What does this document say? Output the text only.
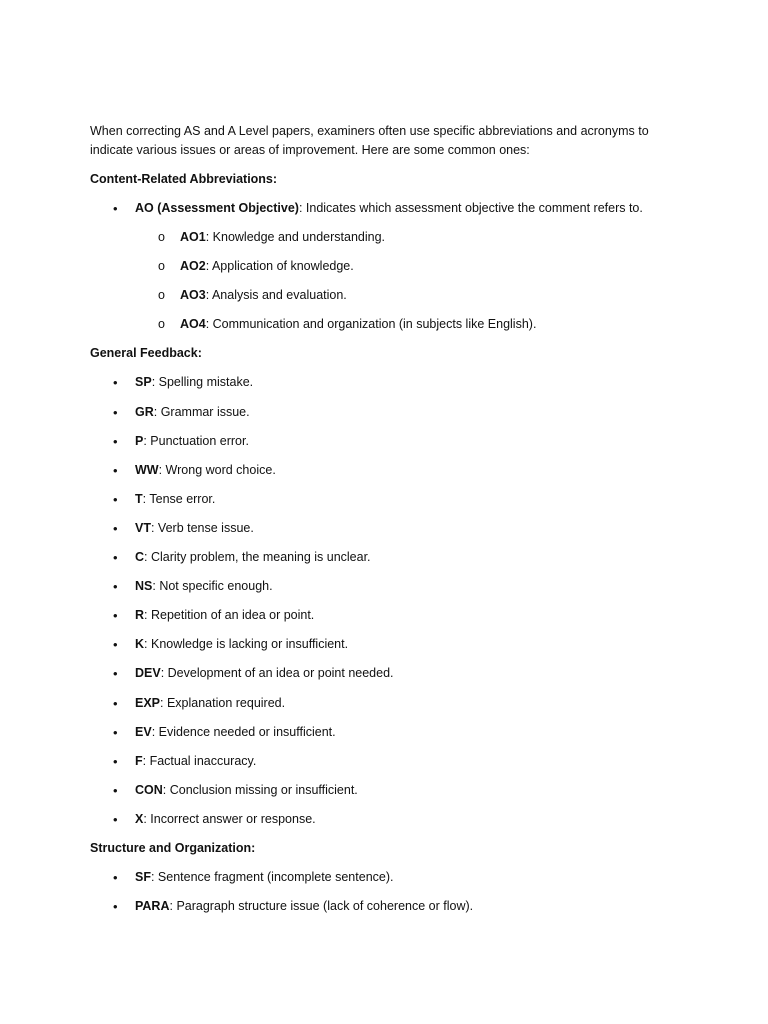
When correcting AS and A Level papers, examiners often use specific abbreviations and acronyms to indicate various issues or areas of improvement. Here are some common ones:

Content-Related Abbreviations:

• AO (Assessment Objective): Indicates which assessment objective the comment refers to.
o AO1: Knowledge and understanding.
o AO2: Application of knowledge.
o AO3: Analysis and evaluation.
o AO4: Communication and organization (in subjects like English).

General Feedback:

• SP: Spelling mistake.
• GR: Grammar issue.
• P: Punctuation error.
• WW: Wrong word choice.
• T: Tense error.
• VT: Verb tense issue.
• C: Clarity problem, the meaning is unclear.
• NS: Not specific enough.
• R: Repetition of an idea or point.
• K: Knowledge is lacking or insufficient.
• DEV: Development of an idea or point needed.
• EXP: Explanation required.
• EV: Evidence needed or insufficient.
• F: Factual inaccuracy.
• CON: Conclusion missing or insufficient.
• X: Incorrect answer or response.

Structure and Organization:

• SF: Sentence fragment (incomplete sentence).
• PARA: Paragraph structure issue (lack of coherence or flow).
